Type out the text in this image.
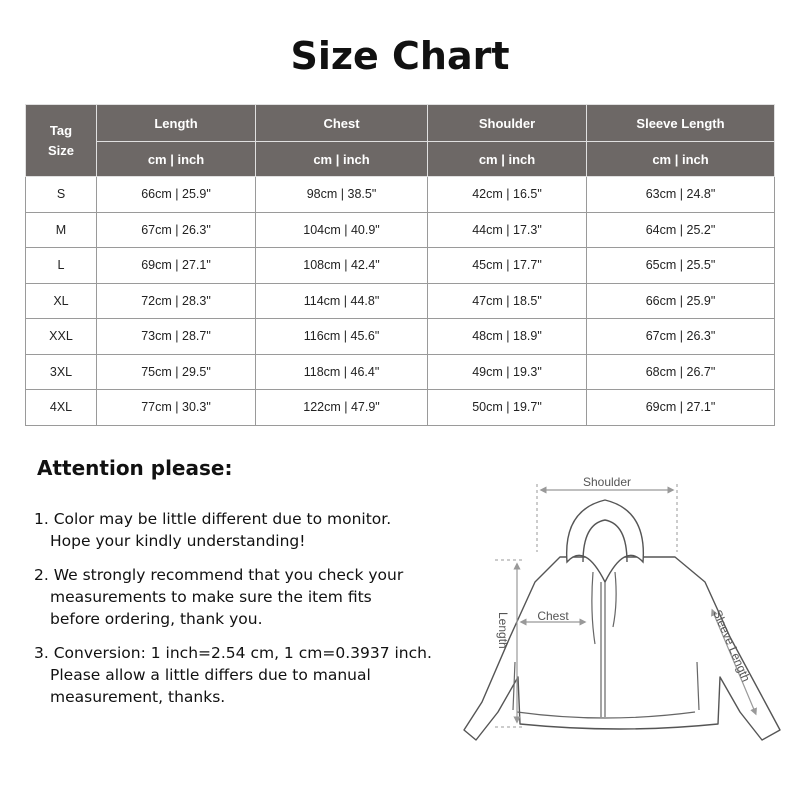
Size Chart
Tag
Size	Length	Chest	Shoulder	Sleeve Length
	cm | inch	cm | inch	cm | inch	cm | inch
S	66cm | 25.9"	98cm | 38.5"	42cm | 16.5"	63cm | 24.8"
M	67cm | 26.3"	104cm | 40.9"	44cm | 17.3"	64cm | 25.2"
L	69cm | 27.1"	108cm | 42.4"	45cm | 17.7"	65cm | 25.5"
XL	72cm | 28.3"	114cm | 44.8"	47cm | 18.5"	66cm | 25.9"
XXL	73cm | 28.7"	116cm | 45.6"	48cm | 18.9"	67cm | 26.3"
3XL	75cm | 29.5"	118cm | 46.4"	49cm | 19.3"	68cm | 26.7"
4XL	77cm | 30.3"	122cm | 47.9"	50cm | 19.7"	69cm | 27.1"
Attention please:
1. Color may be little different due to monitor.
Hope your kindly understanding!
2. We strongly recommend that you check your
measurements to make sure the item fits
before ordering, thank you.
3. Conversion: 1 inch=2.54 cm, 1 cm=0.3937 inch.
Please allow a little differs due to manual
measurement, thanks.
Shoulder
Length Chest	Sleeve Length
